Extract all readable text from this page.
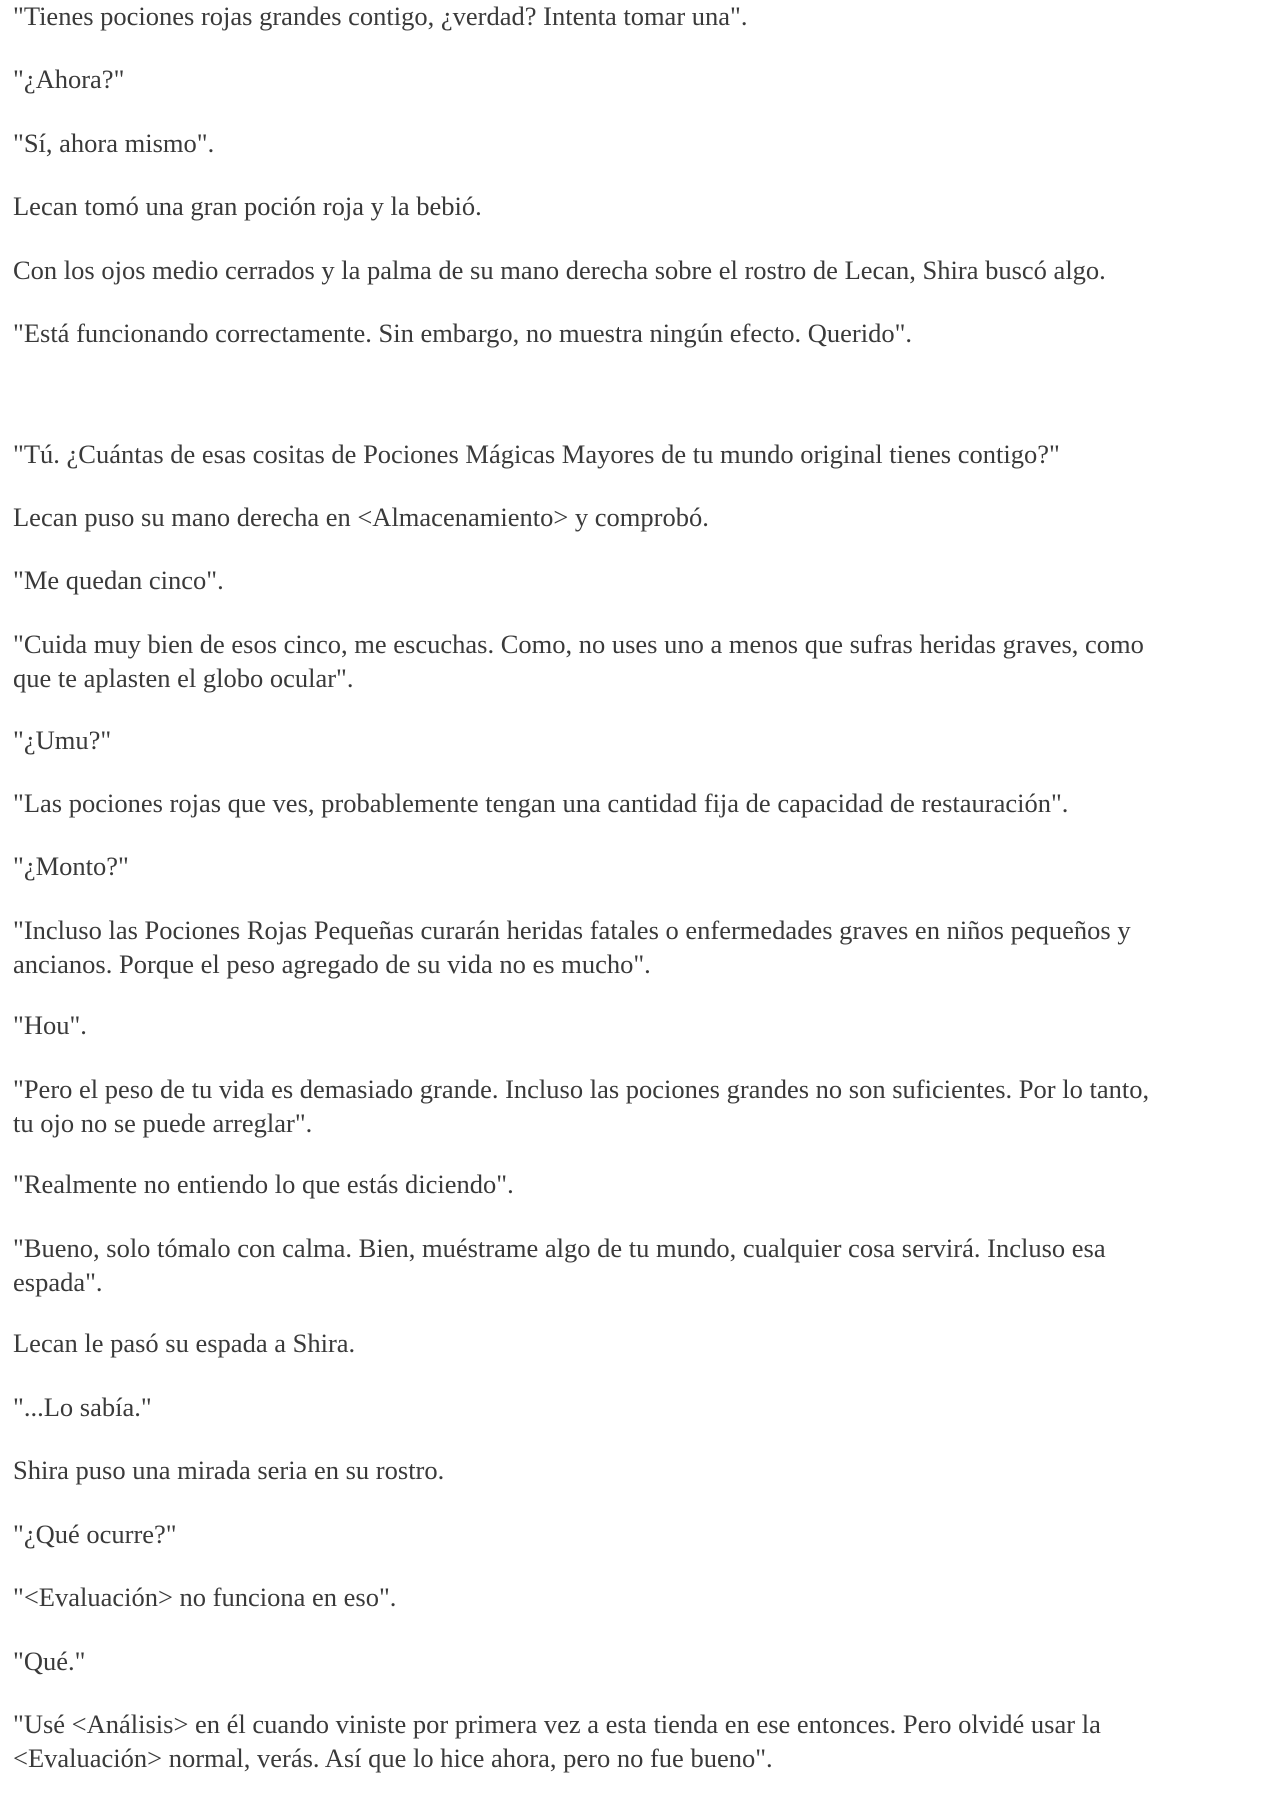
"Tienes pociones rojas grandes contigo, ¿verdad? Intenta tomar una".

"¿Ahora?"

"Sí, ahora mismo".

Lecan tomó una gran poción roja y la bebió.

Con los ojos medio cerrados y la palma de su mano derecha sobre el rostro de Lecan, Shira buscó algo.

"Está funcionando correctamente. Sin embargo, no muestra ningún efecto. Querido".

"Tú. ¿Cuántas de esas cositas de Pociones Mágicas Mayores de tu mundo original tienes contigo?"

Lecan puso su mano derecha en <Almacenamiento> y comprobó.

"Me quedan cinco".

"Cuida muy bien de esos cinco, me escuchas. Como, no uses uno a menos que sufras heridas graves, como
que te aplasten el globo ocular".

"¿Umu?"

"Las pociones rojas que ves, probablemente tengan una cantidad fija de capacidad de restauración".

"¿Monto?"

"Incluso las Pociones Rojas Pequeñas curarán heridas fatales o enfermedades graves en niños pequeños y
ancianos. Porque el peso agregado de su vida no es mucho".

"Hou".

"Pero el peso de tu vida es demasiado grande. Incluso las pociones grandes no son suficientes. Por lo tanto,
tu ojo no se puede arreglar".

"Realmente no entiendo lo que estás diciendo".

"Bueno, solo tómalo con calma. Bien, muéstrame algo de tu mundo, cualquier cosa servirá. Incluso esa
espada".

Lecan le pasó su espada a Shira.

"...Lo sabía."

Shira puso una mirada seria en su rostro.

"¿Qué ocurre?"

"<Evaluación> no funciona en eso".

"Qué."

"Usé <Análisis> en él cuando viniste por primera vez a esta tienda en ese entonces. Pero olvidé usar la
<Evaluación> normal, verás. Así que lo hice ahora, pero no fue bueno".
